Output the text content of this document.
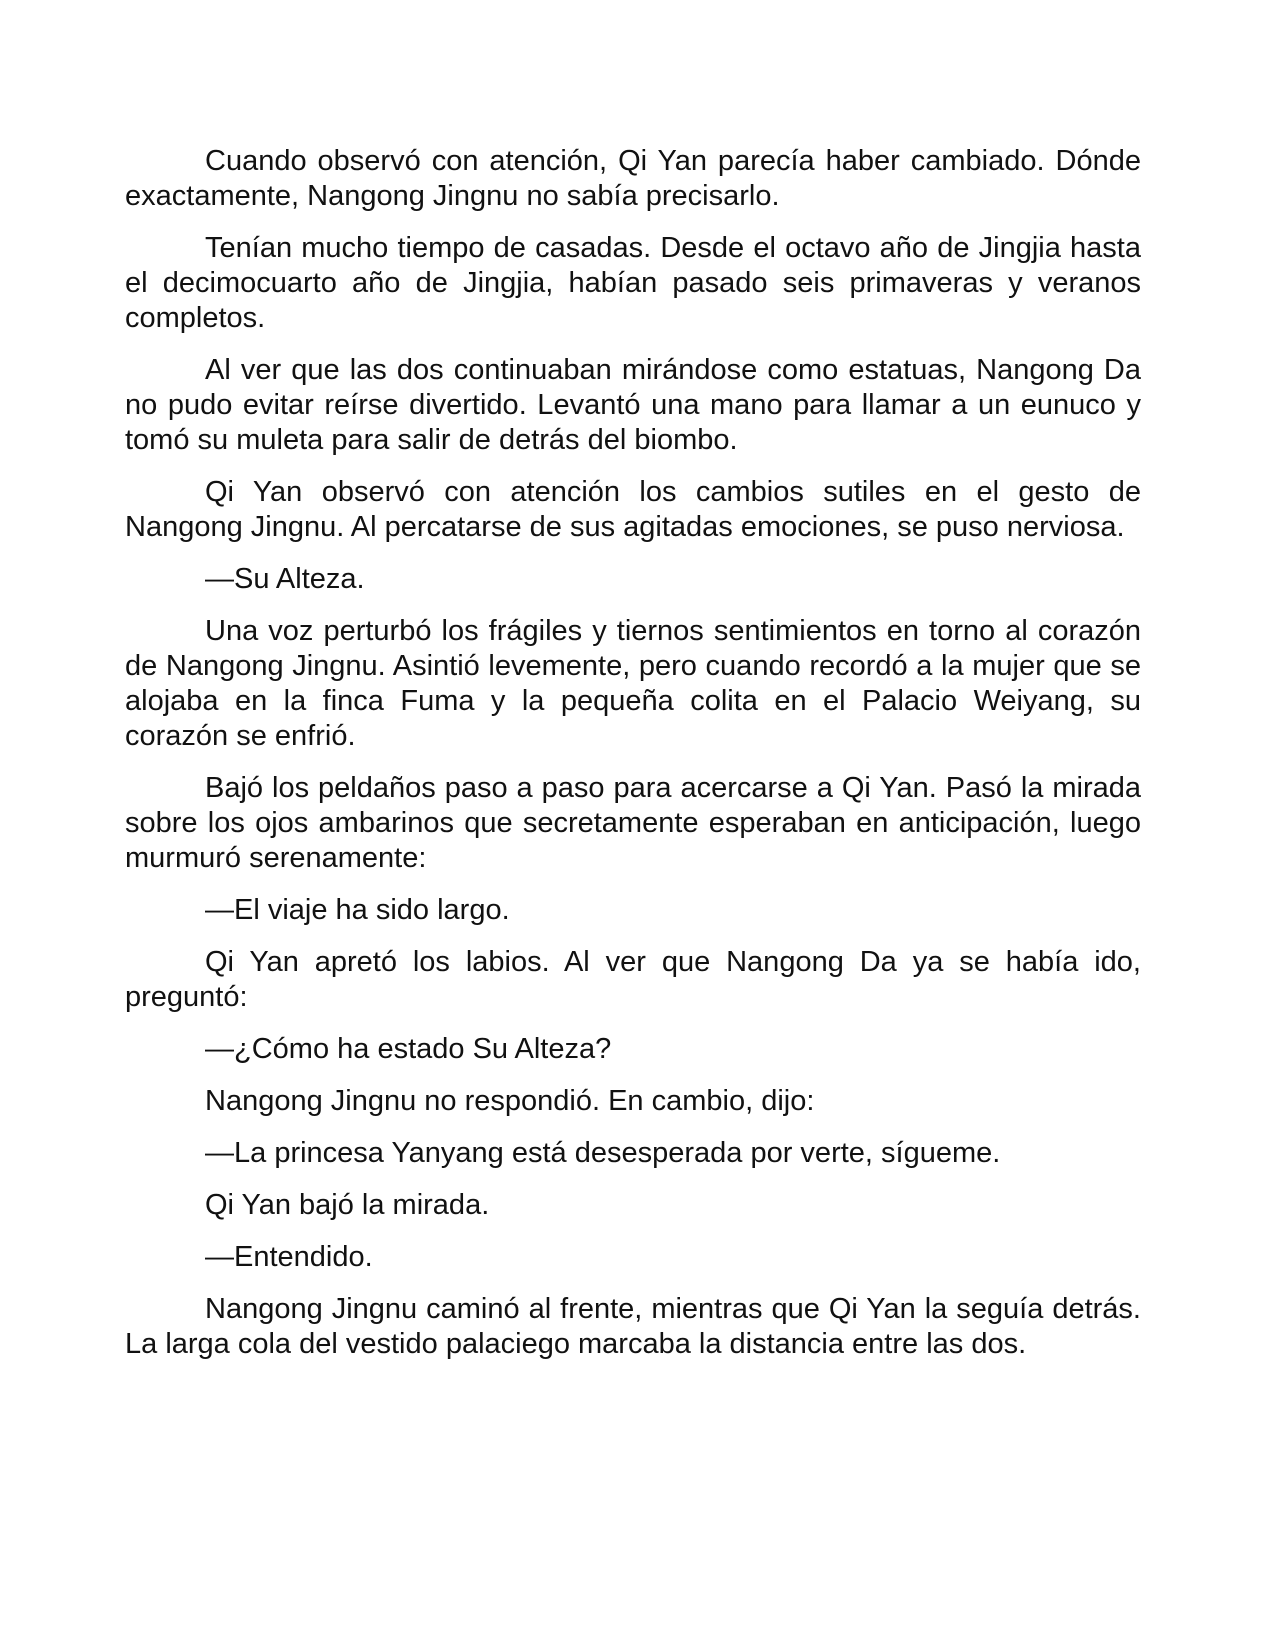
Cuando observó con atención, Qi Yan parecía haber cambiado. Dónde exactamente, Nangong Jingnu no sabía precisarlo.

Tenían mucho tiempo de casadas. Desde el octavo año de Jingjia hasta el decimocuarto año de Jingjia, habían pasado seis primaveras y veranos completos.

Al ver que las dos continuaban mirándose como estatuas, Nangong Da no pudo evitar reírse divertido. Levantó una mano para llamar a un eunuco y tomó su muleta para salir de detrás del biombo.

Qi Yan observó con atención los cambios sutiles en el gesto de Nangong Jingnu. Al percatarse de sus agitadas emociones, se puso nerviosa.

—Su Alteza.

Una voz perturbó los frágiles y tiernos sentimientos en torno al corazón de Nangong Jingnu. Asintió levemente, pero cuando recordó a la mujer que se alojaba en la finca Fuma y la pequeña colita en el Palacio Weiyang, su corazón se enfrió.

Bajó los peldaños paso a paso para acercarse a Qi Yan. Pasó la mirada sobre los ojos ambarinos que secretamente esperaban en anticipación, luego murmuró serenamente:

—El viaje ha sido largo.

Qi Yan apretó los labios. Al ver que Nangong Da ya se había ido, preguntó:

—¿Cómo ha estado Su Alteza?

Nangong Jingnu no respondió. En cambio, dijo:

—La princesa Yanyang está desesperada por verte, sígueme.

Qi Yan bajó la mirada.

—Entendido.

Nangong Jingnu caminó al frente, mientras que Qi Yan la seguía detrás. La larga cola del vestido palaciego marcaba la distancia entre las dos.
